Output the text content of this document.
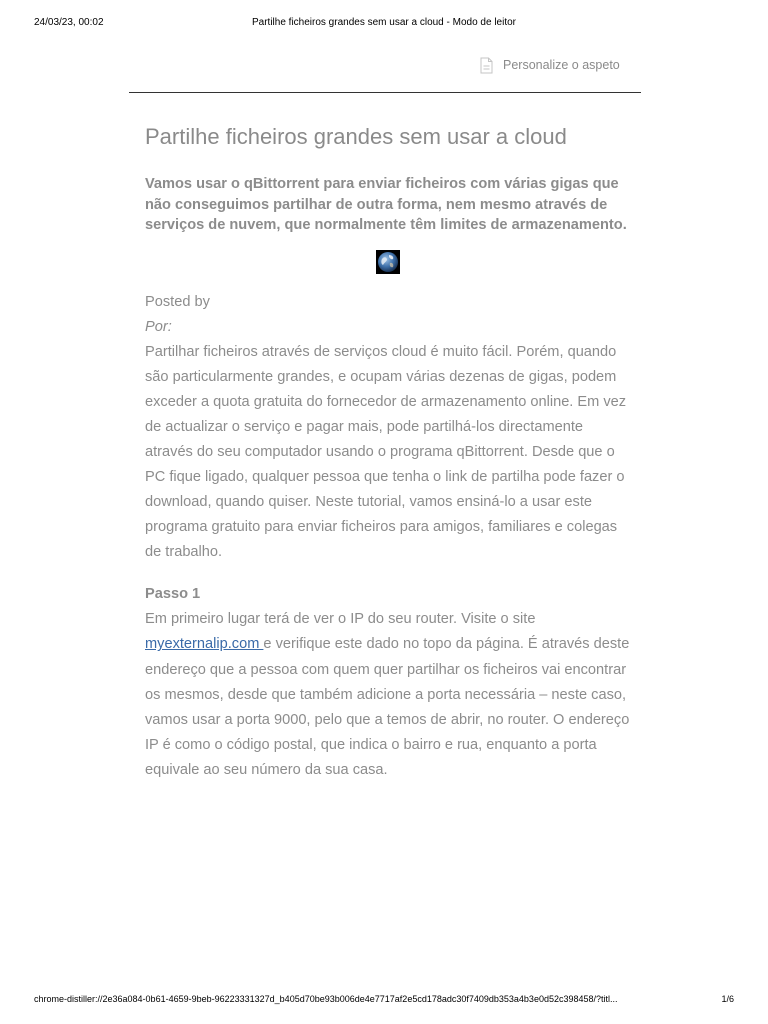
24/03/23, 00:02	Partilhe ficheiros grandes sem usar a cloud - Modo de leitor
Personalize o aspeto
Partilhe ficheiros grandes sem usar a cloud

Vamos usar o qBittorrent para enviar ficheiros com várias gigas que não conseguimos partilhar de outra forma, nem mesmo através de serviços de nuvem, que normalmente têm limites de armazenamento.

Posted by
Por:

Partilhar ficheiros através de serviços cloud é muito fácil. Porém, quando são particularmente grandes, e ocupam várias dezenas de gigas, podem exceder a quota gratuita do fornecedor de armazenamento online. Em vez de actualizar o serviço e pagar mais, pode partilhá-los directamente através do seu computador usando o programa qBittorrent. Desde que o PC fique ligado, qualquer pessoa que tenha o link de partilha pode fazer o download, quando quiser. Neste tutorial, vamos ensiná-lo a usar este programa gratuito para enviar ficheiros para amigos, familiares e colegas de trabalho.

Passo 1

Em primeiro lugar terá de ver o IP do seu router. Visite o site myexternalip.com e verifique este dado no topo da página. É através deste endereço que a pessoa com quem quer partilhar os ficheiros vai encontrar os mesmos, desde que também adicione a porta necessária – neste caso, vamos usar a porta 9000, pelo que a temos de abrir, no router. O endereço IP é como o código postal, que indica o bairro e rua, enquanto a porta equivale ao seu número da sua casa.

chrome-distiller://2e36a084-0b61-4659-9beb-96223331327d_b405d70be93b006de4e7717af2e5cd178adc30f7409db353a4b3e0d52c398458/?titl...	1/6
